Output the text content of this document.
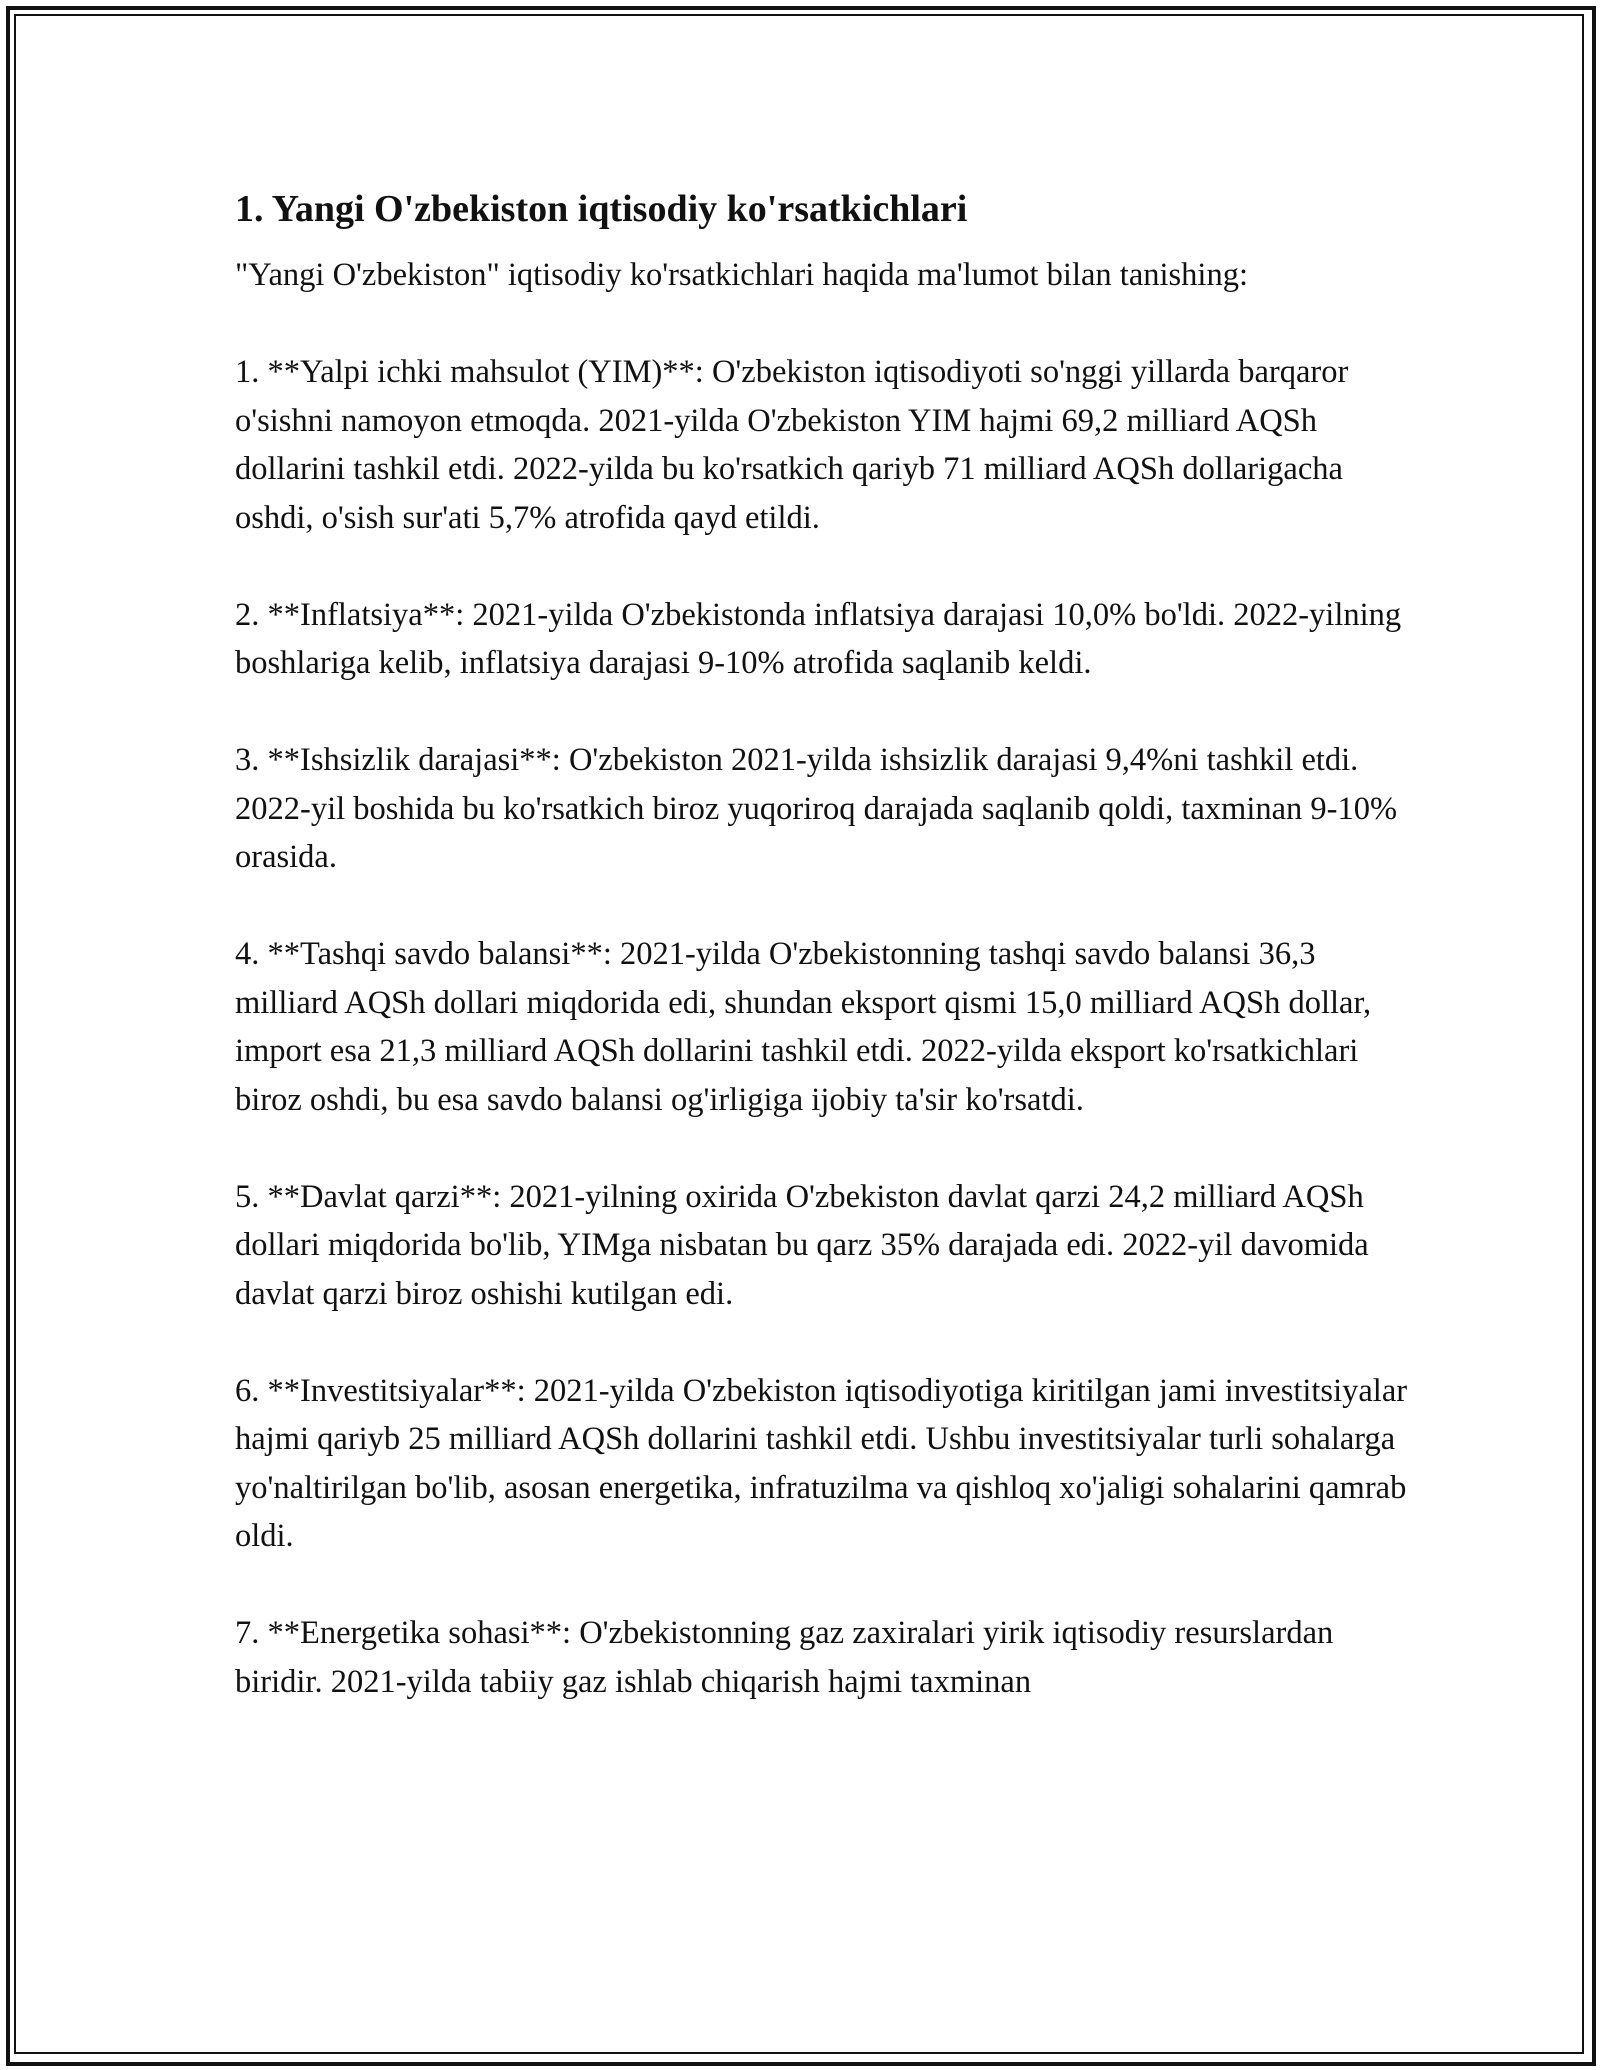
1. Yangi O'zbekiston iqtisodiy ko'rsatkichlari

"Yangi O'zbekiston" iqtisodiy ko'rsatkichlari haqida ma'lumot bilan tanishing:

1. **Yalpi ichki mahsulot (YIM)**: O'zbekiston iqtisodiyoti so'nggi yillarda barqaror o'sishni namoyon etmoqda. 2021-yilda O'zbekiston YIM hajmi 69,2 milliard AQSh dollarini tashkil etdi. 2022-yilda bu ko'rsatkich qariyb 71 milliard AQSh dollarigacha oshdi, o'sish sur'ati 5,7% atrofida qayd etildi.

2. **Inflatsiya**: 2021-yilda O'zbekistonda inflatsiya darajasi 10,0% bo'ldi. 2022-yilning boshlariga kelib, inflatsiya darajasi 9-10% atrofida saqlanib keldi.

3. **Ishsizlik darajasi**: O'zbekiston 2021-yilda ishsizlik darajasi 9,4%ni tashkil etdi. 2022-yil boshida bu ko'rsatkich biroz yuqoriroq darajada saqlanib qoldi, taxminan 9-10% orasida.

4. **Tashqi savdo balansi**: 2021-yilda O'zbekistonning tashqi savdo balansi 36,3 milliard AQSh dollari miqdorida edi, shundan eksport qismi 15,0 milliard AQSh dollar, import esa 21,3 milliard AQSh dollarini tashkil etdi. 2022-yilda eksport ko'rsatkichlari biroz oshdi, bu esa savdo balansi og'irligiga ijobiy ta'sir ko'rsatdi.

5. **Davlat qarzi**: 2021-yilning oxirida O'zbekiston davlat qarzi 24,2 milliard AQSh dollari miqdorida bo'lib, YIMga nisbatan bu qarz 35% darajada edi. 2022-yil davomida davlat qarzi biroz oshishi kutilgan edi.

6. **Investitsiyalar**: 2021-yilda O'zbekiston iqtisodiyotiga kiritilgan jami investitsiyalar hajmi qariyb 25 milliard AQSh dollarini tashkil etdi. Ushbu investitsiyalar turli sohalarga yo'naltirilgan bo'lib, asosan energetika, infratuzilma va qishloq xo'jaligi sohalarini qamrab oldi.

7. **Energetika sohasi**: O'zbekistonning gaz zaxiralari yirik iqtisodiy resurslardan biridir. 2021-yilda tabiiy gaz ishlab chiqarish hajmi taxminan
